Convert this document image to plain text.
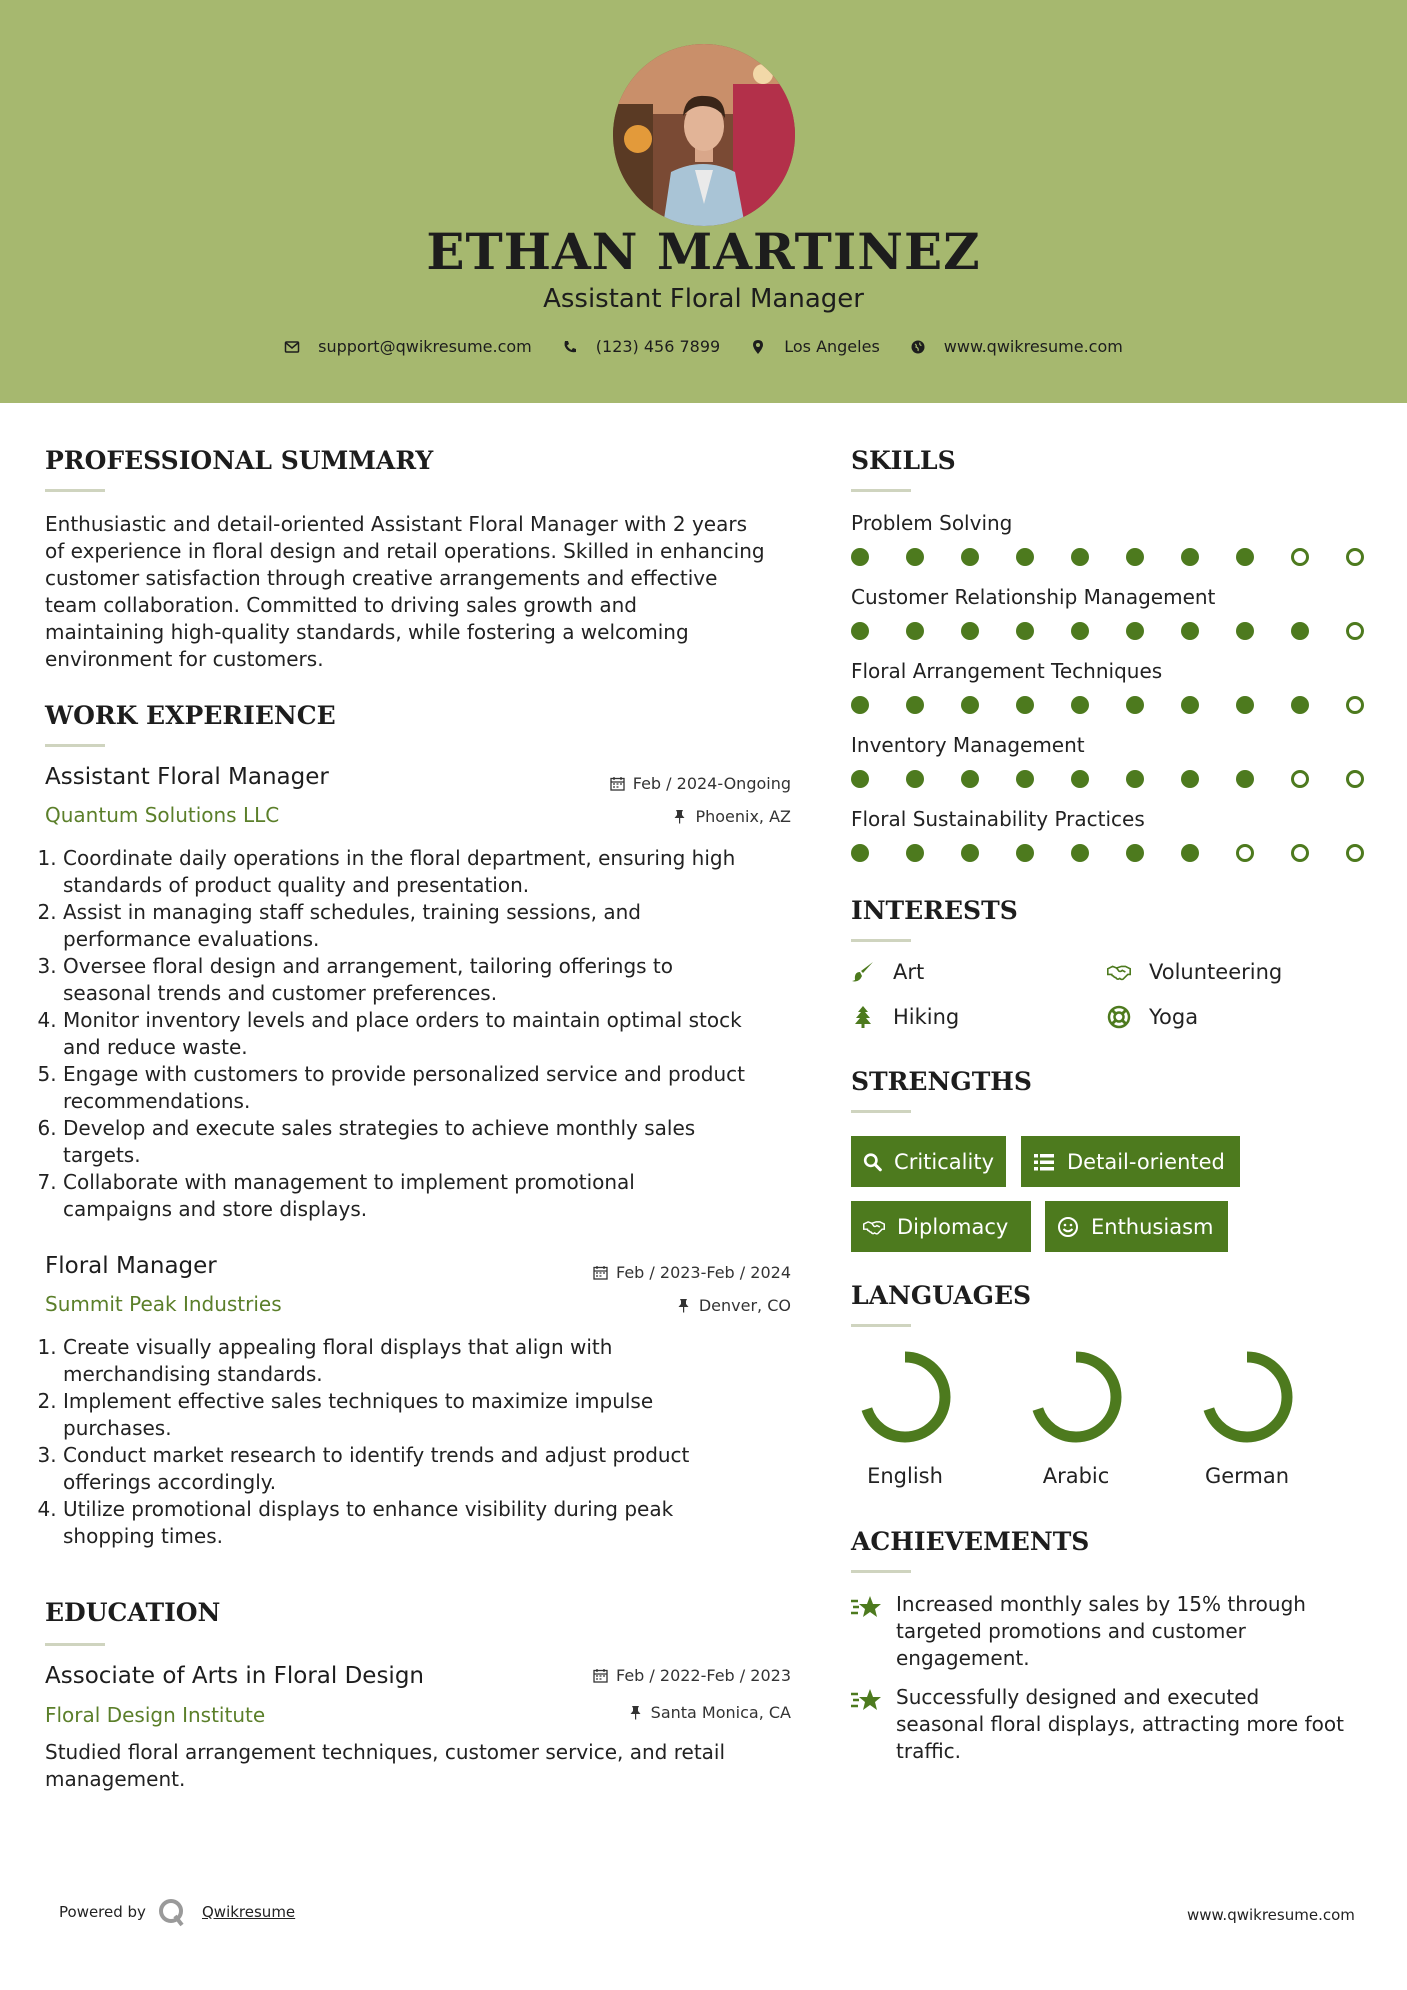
ETHAN MARTINEZ
Assistant Floral Manager
support@qwikresume.com	(123) 456 7899	Los Angeles	www.qwikresume.com
PROFESSIONAL SUMMARY
Enthusiastic and detail-oriented Assistant Floral Manager with 2 years
of experience in floral design and retail operations. Skilled in enhancing
customer satisfaction through creative arrangements and effective
team collaboration. Committed to driving sales growth and
maintaining high-quality standards, while fostering a welcoming
environment for customers.
WORK EXPERIENCE
Assistant Floral Manager	Feb / 2024-Ongoing
Quantum Solutions LLC	Phoenix, AZ
1. Coordinate daily operations in the floral department, ensuring high
standards of product quality and presentation.
2. Assist in managing staff schedules, training sessions, and
performance evaluations.
3. Oversee floral design and arrangement, tailoring offerings to
seasonal trends and customer preferences.
4. Monitor inventory levels and place orders to maintain optimal stock
and reduce waste.
5. Engage with customers to provide personalized service and product
recommendations.
6. Develop and execute sales strategies to achieve monthly sales
targets.
7. Collaborate with management to implement promotional
campaigns and store displays.
Floral Manager	Feb / 2023-Feb / 2024
Summit Peak Industries	Denver, CO
1. Create visually appealing floral displays that align with
merchandising standards.
2. Implement effective sales techniques to maximize impulse
purchases.
3. Conduct market research to identify trends and adjust product
offerings accordingly.
4. Utilize promotional displays to enhance visibility during peak
shopping times.
EDUCATION
Associate of Arts in Floral Design	Feb / 2022-Feb / 2023
Floral Design Institute	Santa Monica, CA
Studied floral arrangement techniques, customer service, and retail
management.
SKILLS
Problem Solving
Customer Relationship Management
Floral Arrangement Techniques
Inventory Management
Floral Sustainability Practices
INTERESTS
Art	Volunteering
Hiking	Yoga
STRENGTHS
Criticality	Detail-oriented
Diplomacy	Enthusiasm
LANGUAGES
English	Arabic	German
ACHIEVEMENTS
Increased monthly sales by 15% through
targeted promotions and customer
engagement.
Successfully designed and executed
seasonal floral displays, attracting more foot
traffic.
Powered by	Qwikresume	www.qwikresume.com
